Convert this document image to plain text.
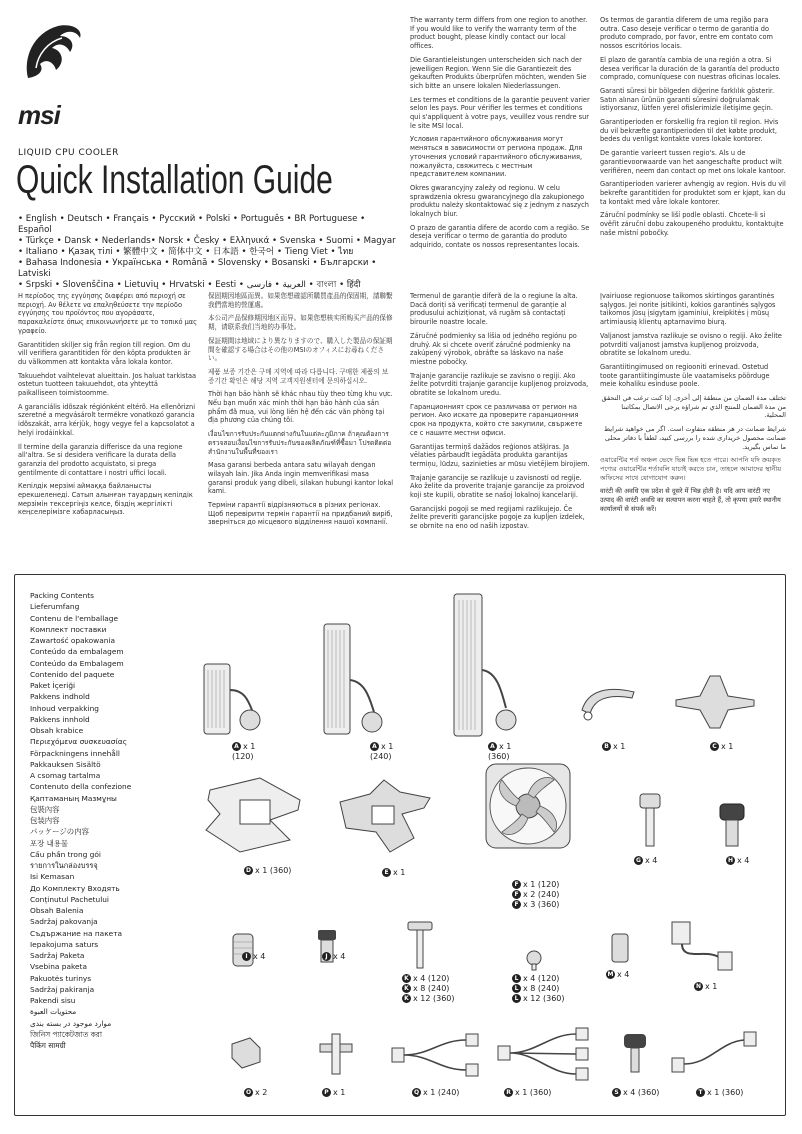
msi
LIQUID CPU COOLER
Quick Installation Guide
• English • Deutsch • Français • Русский • Polski • Português • BR Portuguese • Español
• Türkçe • Dansk • Nederlands• Norsk • Česky • Ελληνικά • Svenska • Suomi • Magyar
• Italiano • Қазақ тілі • 繁體中文 • 简体中文 • 日本語 • 한국어 • Tieng Viet • ไทย
• Bahasa Indonesia • Українська • Română • Slovensky • Bosanski • Български • Latviski
• Srpski • Slovenščina • Lietuvių • Hrvatski • Eesti • العربية • فارسی • বাংলা • हिंदी

The warranty term differs from one region to another. If you would like to verify the warranty term of the product bought, please kindly contact our local offices.

Die Garantieleistungen unterscheiden sich nach der jeweiligen Region. Wenn Sie die Garantiezeit des gekauften Produkts überprüfen möchten, wenden Sie sich bitte an unsere lokalen Niederlassungen.

Les termes et conditions de la garantie peuvent varier selon les pays. Pour vérifier les termes et conditions qui s'appliquent à votre pays, veuillez vous rendre sur le site MSI local.

Условия гарантийного обслуживания могут меняться в зависимости от региона продаж. Для уточнения условий гарантийного обслуживания, пожалуйста, свяжитесь с местным представителем компании.

Okres gwarancyjny zależy od regionu. W celu sprawdzenia okresu gwarancyjnego dla zakupionego produktu należy skontaktować się z jednym z naszych lokalnych biur.

O prazo de garantia difere de acordo com a região. Se deseja verificar o termo de garantia do produto adquirido, contate os nossos representantes locais.

Os termos de garantia diferem de uma região para outra. Caso deseje verificar o termo de garantia do produto comprado, por favor, entre em contato com nossos escritórios locais.

El plazo de garantía cambia de una región a otra. Si desea verificar la duración de la garantía del producto comprado, comuníquese con nuestras oficinas locales.

Garanti süresi bir bölgeden diğerine farklılık gösterir. Satın alınan ürünün garanti süresini doğrulamak istiyorsanız, lütfen yerel ofislerimizle iletişime geçin.

Garantiperioden er forskellig fra region til region. Hvis du vil bekræfte garantiperioden til det købte produkt, bedes du venligst kontakte vores lokale kontorer.

De garantie varieert tussen regio's. Als u de garantievoorwaarde van het aangeschafte product wilt verifiëren, neem dan contact op met ons lokale kantoor.

Garantiperioden varierer avhengig av region. Hvis du vil bekrefte garantitiden for produktet som er kjøpt, kan du ta kontakt med våre lokale kontorer.

Záruční podmínky se liší podle oblasti. Chcete-li si ověřit záruční dobu zakoupeného produktu, kontaktujte naše místní pobočky.

Η περίοδος της εγγύησης διαφέρει από περιοχή σε περιοχή. Αν θέλετε να επαληθεύσετε την περίοδο εγγύησης του προϊόντος που αγοράσατε, παρακαλείστε όπως επικοινωνήσετε με το τοπικό μας γραφείο.

Garantitiden skiljer sig från region till region. Om du vill verifiera garantitiden för den köpta produkten är du välkommen att kontakta våra lokala kontor.

Takuuehdot vaihtelevat alueittain. Jos haluat tarkistaa ostetun tuotteen takuuehdot, ota yhteyttä paikalliseen toimistoomme.

A garanciális idõszak régiónként eltérõ. Ha ellenõrizni szeretné a megvásárolt termékre vonatkozó garancia idõszakát, arra kérjük, hogy vegye fel a kapcsolatot a helyi irodáinkkal.

Il termine della garanzia differisce da una regione all'altra. Se si desidera verificare la durata della garanzia del prodotto acquistato, si prega gentilmente di contattare i nostri uffici locali.

Кепілдік мерзімі аймаққа байланысты ерекшеленеді. Сатып алынған тауардың кепілдік мерзімін тексергіңіз келсе, біздің жергілікті кеңселерімізге хабарласыңыз.

保固期因地區而異。如果您想確認所購買產品的保固期，請聯繫我們當地的營運處。

本公司产品保修期因地区而异。如果您想核实所购买产品的保修期，请联系我们当地的办事处。

保証期間は地域により異なりますので、購入した製品の保証期間を確認する場合はその他のMSIのオフィスにお尋ねください。

제품 보증 기간은 구매 지역에 따라 다릅니다. 구매한 제품의 보증기간 확인은 해당 지역 고객지원센터에 문의하십시오.

Thời hạn bảo hành sẽ khác nhau tùy theo từng khu vực. Nếu bạn muốn xác minh thời hạn bảo hành của sản phẩm đã mua, vui lòng liên hệ đến các văn phòng tại địa phương của chúng tôi.

เงื่อนไขการรับประกันแตกต่างกันในแต่ละภูมิภาค ถ้าคุณต้องการตรวจสอบเงื่อนไขการรับประกันของผลิตภัณฑ์ที่ซื้อมา โปรดติดต่อสำนักงานในพื้นที่ของเรา

Masa garansi berbeda antara satu wilayah dengan wilayah lain. Jika Anda ingin memverifikasi masa garansi produk yang dibeli, silakan hubungi kantor lokal kami.

Терміни гарантії відрізняються в різних регіонах. Щоб перевірити термін гарантії на придбаний виріб, зверніться до місцевого відділення нашої компанії.

Termenul de garanție diferă de la o regiune la alta. Dacă doriți să verificați termenul de garanție al produsului achiziționat, vă rugăm să contactați birourile noastre locale.

Záručné podmienky sa líšia od jedného regiónu po druhý. Ak si chcete overiť záručné podmienky na zakúpený výrobok, obráťte sa láskavo na naše miestne pobočky.

Trajanje garancije razlikuje se zavisno o regiji. Ako želite potvrditi trajanje garancije kupljenog proizvoda, obratite se lokalnom uredu.

Гаранционният срок се различава от регион на регион. Ако искате да проверите гаранционния срок на продукта, който сте закупили, свържете се с нашите местни офиси.

Garantijas termiņš dažādos reģionos atšķiras. Ja vēlaties pārbaudīt iegādāta produkta garantijas termiņu, lūdzu, sazinieties ar mūsu vietējiem birojiem.

Trajanje garancije se razlikuje u zavisnosti od regije. Ako želite da proverite trajanje garancije za proizvod koji ste kupili, obratite se našoj lokalnoj kancelariji.

Garancijski pogoji se med regijami razlikujejo. Če želite preveriti garancijske pogoje za kupljen izdelek, se obrnite na eno od naših izpostav.

Įvairiuose regionuose taikomos skirtingos garantinės sąlygos. Jei norite įsitikinti, kokios garantinės sąlygos taikomos jūsų įsigytam įgaminiui, kreipkitės į mūsų artimiausią klientų aptarnavimo biurą.

Valjanost jamstva razlikuje se ovisno o regiji. Ako želite potvrditi valjanost jamstva kupljenog proizvoda, obratite se lokalnom uredu.

Garantiitingimused on regiooniti erinevad. Ostetud toote garantiitingimuste üle vaatamiseks pöörduge meie kohaliku esinduse poole.

تختلف مدة الضمان من منطقة إلى أخرى. إذا كنت ترغب في التحقق من مدة الضمان للمنتج الذي تم شراؤه يرجى الاتصال بمكاتبنا المحلية.

شرایط ضمانت در هر منطقه متفاوت است. اگر می خواهید شرایط ضمانت محصول خریداری شده را بررسی کنید، لطفاً با دفاتر محلی ما تماس بگیرید.

ওয়ারেন্টির শর্ত অঞ্চল ভেদে ভিন্ন ভিন্ন হতে পারে। আপনি যদি ক্রয়কৃত পণ্যের ওয়ারেন্টির শর্তাবলি যাচাই করতে চান, তাহলে আমাদের স্থানীয় অফিসের সাথে যোগাযোগ করুন।

वारंटी की अवधि एक प्रदेश से दूसरे में भिन्न होती है। यदि आप वारंटी नए उत्पाद की वारंटी अवधि का सत्यापन करना चाहते हैं, तो कृपया हमारे स्थानीय कार्यालयों से संपर्क करें।

Packing Contents
Lieferumfang
Contenu de l'emballage
Комплект поставки
Zawartość opakowania
Conteúdo da embalagem
Conteúdo da Embalagem
Contenido del paquete
Paket İçeriği
Pakkens indhold
Inhoud verpakking
Pakkens innhold
Obsah krabice
Περιεχόμενα συσκευασίας
Förpackningens innehåll
Pakkauksen Sisältö
A csomag tartalma
Contenuto della confezione
Қаптаманың Мазмұны
包裝內容
包装内容
パッケージの内容
포장 내용물
Cấu phần trong gói
รายการในกล่องบรรจุ
Isi Kemasan
До Комплекту Входять
Conținutul Pachetului
Obsah Balenia
Sadržaj pakovanja
Съдържание на пакета
Iepakojuma saturs
Sadržaj Paketa
Vsebina paketa
Pakuotės turinys
Sadržaj pakiranja
Pakendi sisu
محتويات العبوة
موارد موجود در بسته بندی
জিনিস প্যাকেটজাত করা
पैकिंग सामग्री
A x 1
(120)
A x 1
(240)
A x 1
(360)
B x 1	C x 1
D x 1 (360)	E x 1
F x 1 (120)
F x 2 (240)
F x 3 (360)
G x 4	H x 4
I x 4	J x 4
K x 4 (120)
K x 8 (240)
K x 12 (360)
L x 4 (120)
L x 8 (240)
L x 12 (360)
M x 4
N x 1
O x 2	P x 1	Q x 1 (240)	R x 1 (360)	S x 4 (360)	T x 1 (360)
